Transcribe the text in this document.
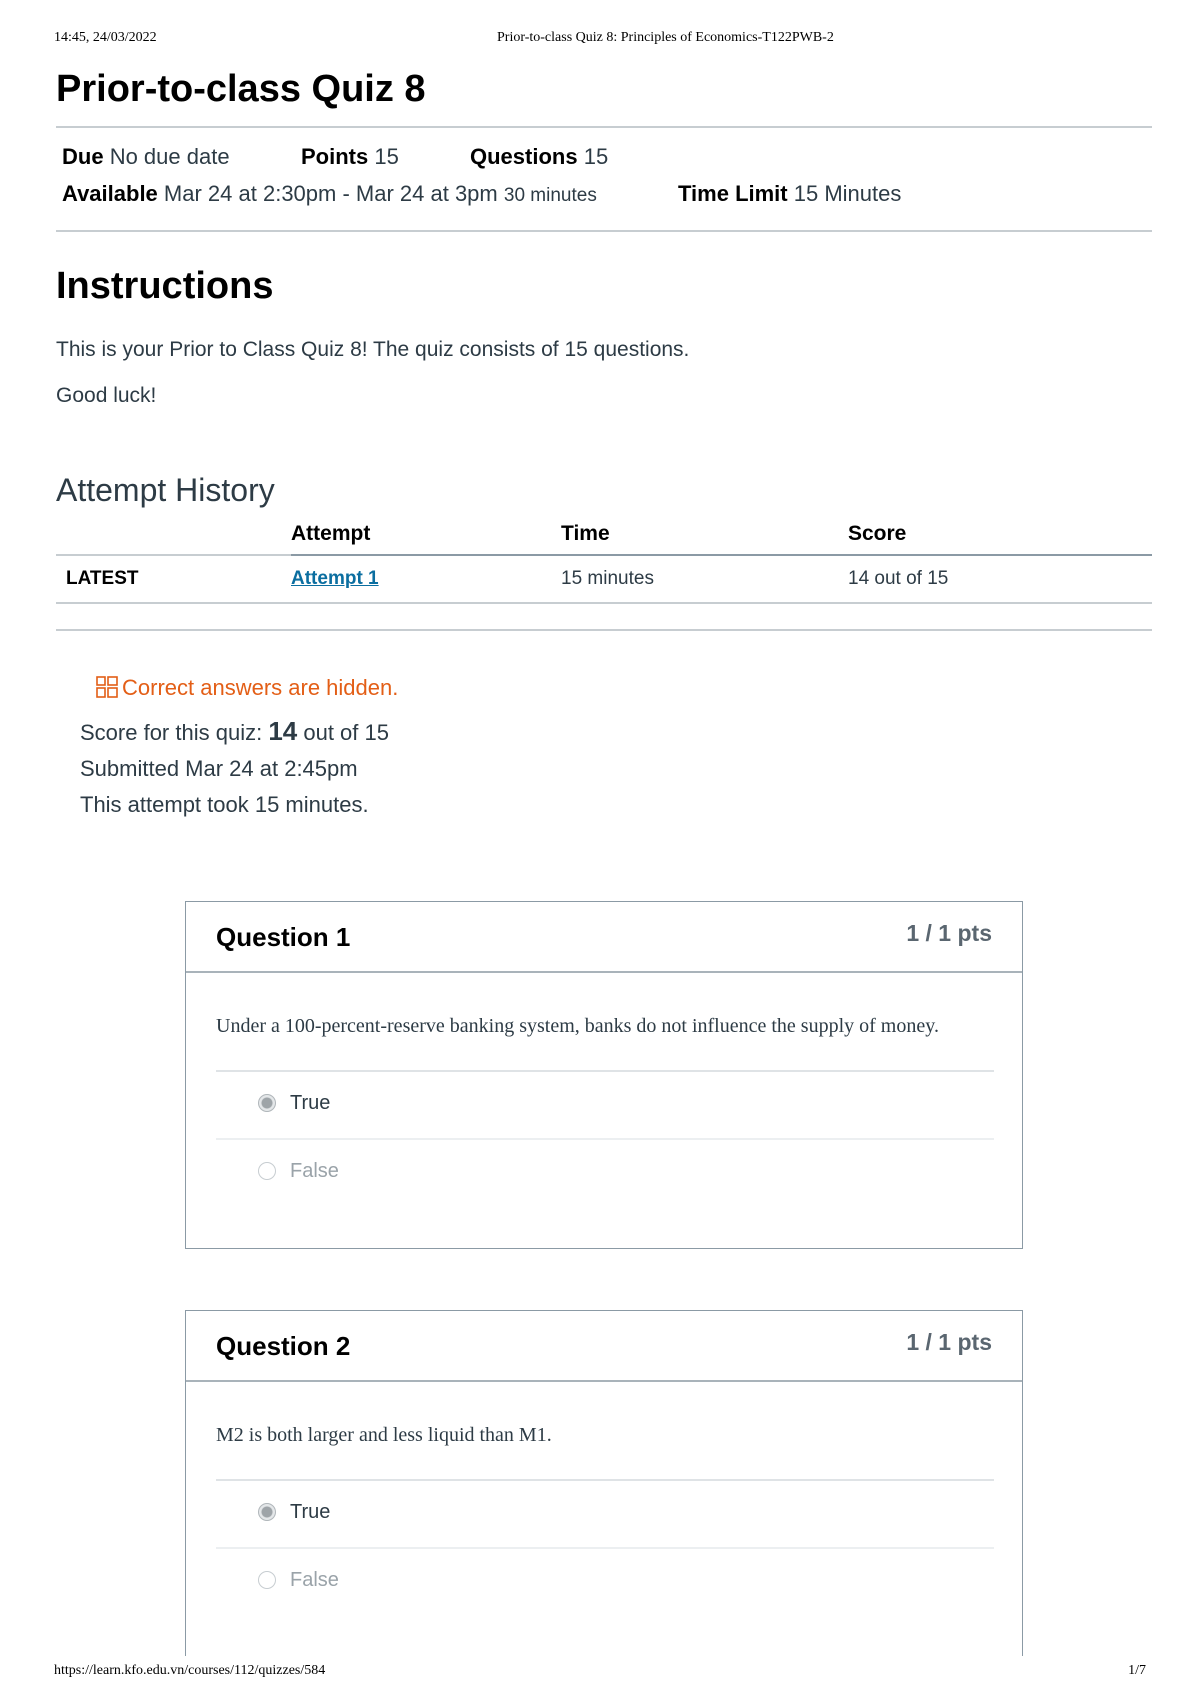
14:45, 24/03/2022	Prior-to-class Quiz 8: Principles of Economics-T122PWB-2
Prior-to-class Quiz 8
Due No due date	Points 15	Questions 15
Available Mar 24 at 2:30pm - Mar 24 at 3pm 30 minutes	Time Limit 15 Minutes
Instructions

This is your Prior to Class Quiz 8! The quiz consists of 15 questions.

Good luck!

Attempt History
	Attempt	Time	Score
LATEST	Attempt 1	15 minutes	14 out of 15
Correct answers are hidden.
Score for this quiz: 14 out of 15
Submitted Mar 24 at 2:45pm
This attempt took 15 minutes.
Question 1	1 / 1 pts
Under a 100-percent-reserve banking system, banks do not influence the supply of money.
True
False
Question 2	1 / 1 pts
M2 is both larger and less liquid than M1.
True
False
https://learn.kfo.edu.vn/courses/112/quizzes/584	1/7
